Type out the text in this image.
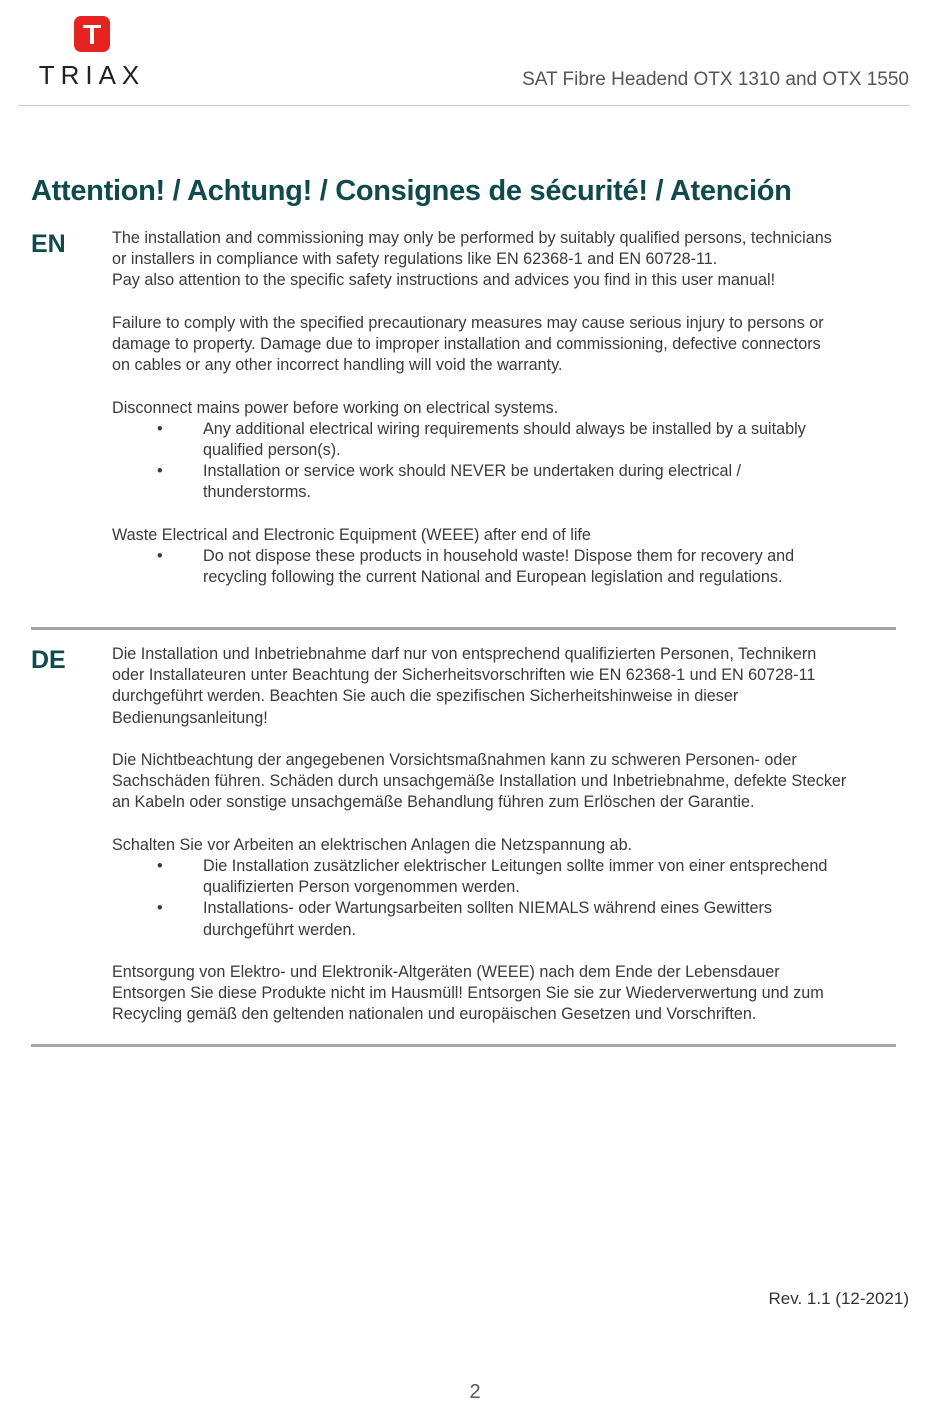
TRIAX	SAT Fibre Headend OTX 1310 and OTX 1550
Attention! / Achtung! / Consignes de sécurité! / Atención
EN	The installation and commissioning may only be performed by suitably qualified persons, technicians

or installers in compliance with safety regulations like EN 62368-1 and EN 60728-11.

Pay also attention to the specific safety instructions and advices you find in this user manual!

Failure to comply with the specified precautionary measures may cause serious injury to persons or

damage to property. Damage due to improper installation and commissioning, defective connectors

on cables or any other incorrect handling will void the warranty.

Disconnect mains power before working on electrical systems.

• Any additional electrical wiring requirements should always be installed by a suitably
qualified person(s).
• Installation or service work should NEVER be undertaken during electrical /
thunderstorms.

Waste Electrical and Electronic Equipment (WEEE) after end of life

• Do not dispose these products in household waste! Dispose them for recovery and
recycling following the current National and European legislation and regulations.
DE	Die Installation und Inbetriebnahme darf nur von entsprechend qualifizierten Personen, Technikern

oder Installateuren unter Beachtung der Sicherheitsvorschriften wie EN 62368-1 und EN 60728-11

durchgeführt werden. Beachten Sie auch die spezifischen Sicherheitshinweise in dieser

Bedienungsanleitung!

Die Nichtbeachtung der angegebenen Vorsichtsmaßnahmen kann zu schweren Personen- oder

Sachschäden führen. Schäden durch unsachgemäße Installation und Inbetriebnahme, defekte Stecker

an Kabeln oder sonstige unsachgemäße Behandlung führen zum Erlöschen der Garantie.

Schalten Sie vor Arbeiten an elektrischen Anlagen die Netzspannung ab.

• Die Installation zusätzlicher elektrischer Leitungen sollte immer von einer entsprechend
qualifizierten Person vorgenommen werden.
• Installations- oder Wartungsarbeiten sollten NIEMALS während eines Gewitters
durchgeführt werden.

Entsorgung von Elektro- und Elektronik-Altgeräten (WEEE) nach dem Ende der Lebensdauer

Entsorgen Sie diese Produkte nicht im Hausmüll! Entsorgen Sie sie zur Wiederverwertung und zum

Recycling gemäß den geltenden nationalen und europäischen Gesetzen und Vorschriften.

Rev. 1.1 (12-2021)
2
